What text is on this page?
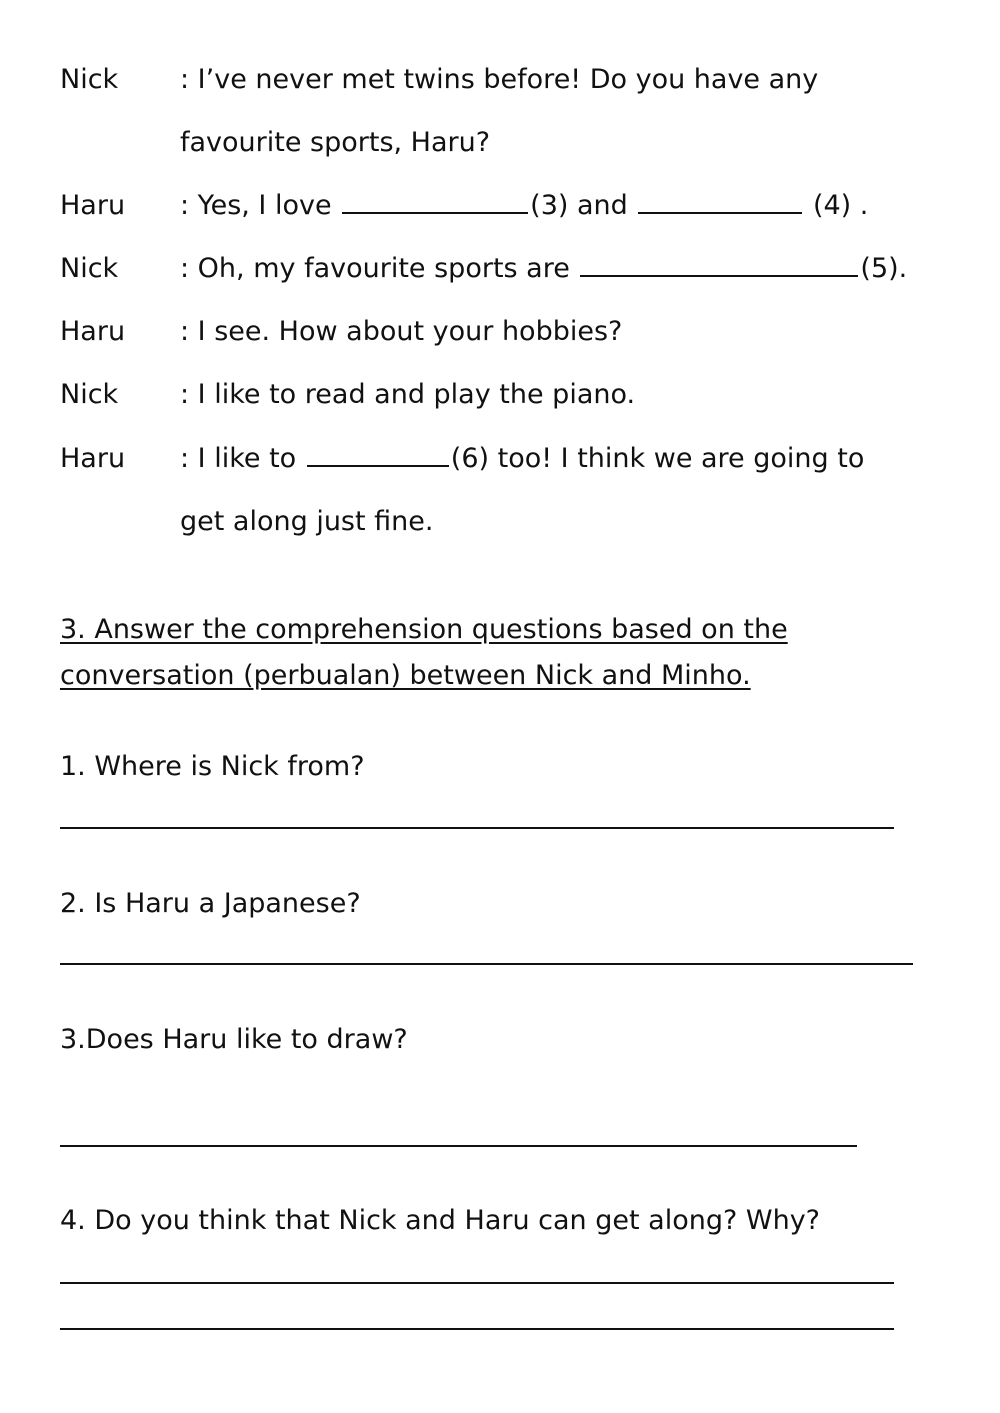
Nick : I’ve never met twins before! Do you have any
favourite sports, Haru?
Haru : Yes, I love	(3) and	(4) .
Nick : Oh, my favourite sports are	(5).
Haru : I see. How about your hobbies?
Nick : I like to read and play the piano.
Haru : I like to	(6) too! I think we are going to
get along just fine.
3. Answer the comprehension questions based on the
conversation (perbualan) between Nick and Minho.
1. Where is Nick from?
2. Is Haru a Japanese?
3.Does Haru like to draw?
4. Do you think that Nick and Haru can get along? Why?
